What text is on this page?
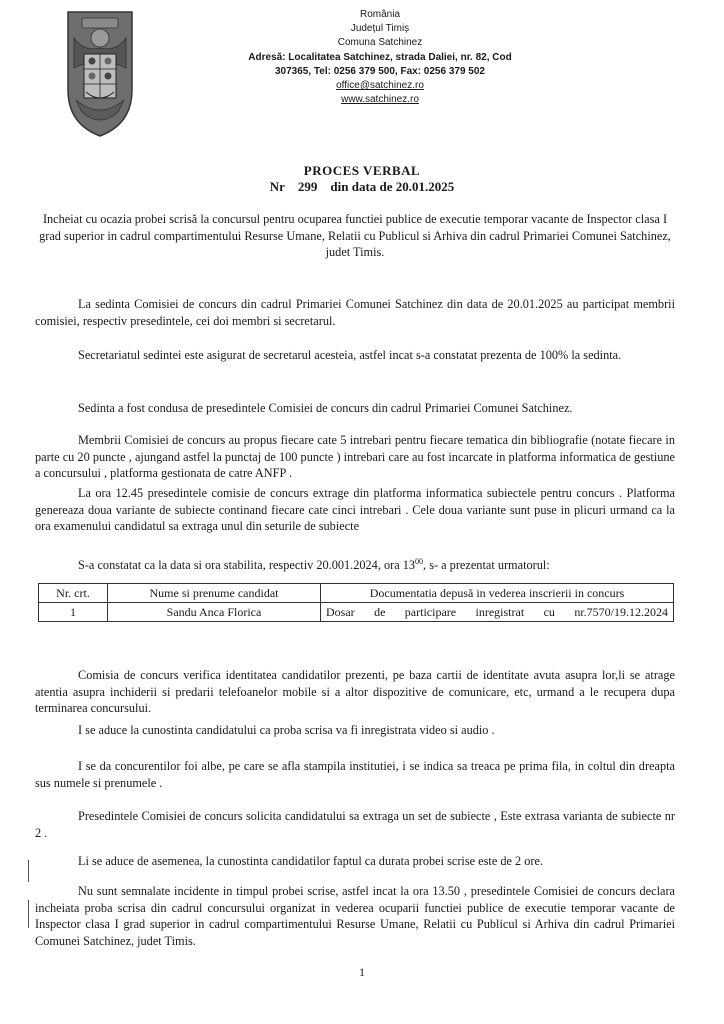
România
Județul Timiș
Comuna Satchinez
Adresă: Localitatea Satchinez, strada Daliei, nr. 82, Cod
307365, Tel: 0256 379 500, Fax: 0256 379 502
office@satchinez.ro
www.satchinez.ro
PROCES VERBAL
Nr 299 din data de 20.01.2025
Incheiat cu ocazia probei scrisă la concursul pentru ocuparea functiei publice de executie temporar vacante de Inspector clasa I grad superior in cadrul compartimentului Resurse Umane, Relatii cu Publicul si Arhiva din cadrul Primariei Comunei Satchinez, judet Timis.
La sedinta Comisiei de concurs din cadrul Primariei Comunei Satchinez din data de 20.01.2025 au participat membrii comisiei, respectiv presedintele, cei doi membri si secretarul.
Secretariatul sedintei este asigurat de secretarul acesteia, astfel incat s-a constatat prezenta de 100% la sedinta.
Sedinta a fost condusa de presedintele Comisiei de concurs din cadrul Primariei Comunei Satchinez.
Membrii Comisiei de concurs au propus fiecare cate 5 intrebari pentru fiecare tematica din bibliografie (notate fiecare in parte cu 20 puncte , ajungand astfel la punctaj de 100 puncte ) intrebari care au fost incarcate in platforma informatica de gestiune a concursului , platforma gestionata de catre ANFP .
La ora 12.45 presedintele comisie de concurs extrage din platforma informatica subiectele pentru concurs . Platforma genereaza doua variante de subiecte continand fiecare cate cinci intrebari . Cele doua variante sunt puse in plicuri urmand ca la ora examenului candidatul sa extraga unul din seturile de subiecte
S-a constatat ca la data si ora stabilita, respectiv 20.001.2024, ora $13^{00}$, s- a prezentat urmatorul:
Nr. crt.	Nume si prenume candidat	Documentatia depusă in vederea inscrierii in concurs
1	Sandu Anca Florica	Dosar de participare inregistrat cu nr.7570/19.12.2024
Comisia de concurs verifica identitatea candidatilor prezenti, pe baza cartii de identitate avuta asupra lor,li se atrage atentia asupra inchiderii si predarii telefoanelor mobile si a altor dispozitive de comunicare, etc, urmand a le recupera dupa terminarea concursului.
I se aduce la cunostinta candidatului ca proba scrisa va fi inregistrata video si audio .
I se da concurentilor foi albe, pe care se afla stampila institutiei, i se indica sa treaca pe prima fila, in coltul din dreapta sus numele si prenumele .
Presedintele Comisiei de concurs solicita candidatului sa extraga un set de subiecte , Este extrasa varianta de subiecte nr 2 .
Li se aduce de asemenea, la cunostinta candidatilor faptul ca durata probei scrise este de 2 ore.
Nu sunt semnalate incidente in timpul probei scrise, astfel incat la ora 13.50 , presedintele Comisiei de concurs declara incheiata proba scrisa din cadrul concursului organizat in vederea ocuparii functiei publice de executie temporar vacante de Inspector clasa I grad superior in cadrul compartimentului Resurse Umane, Relatii cu Publicul si Arhiva din cadrul Primariei Comunei Satchinez, judet Timis.
1
